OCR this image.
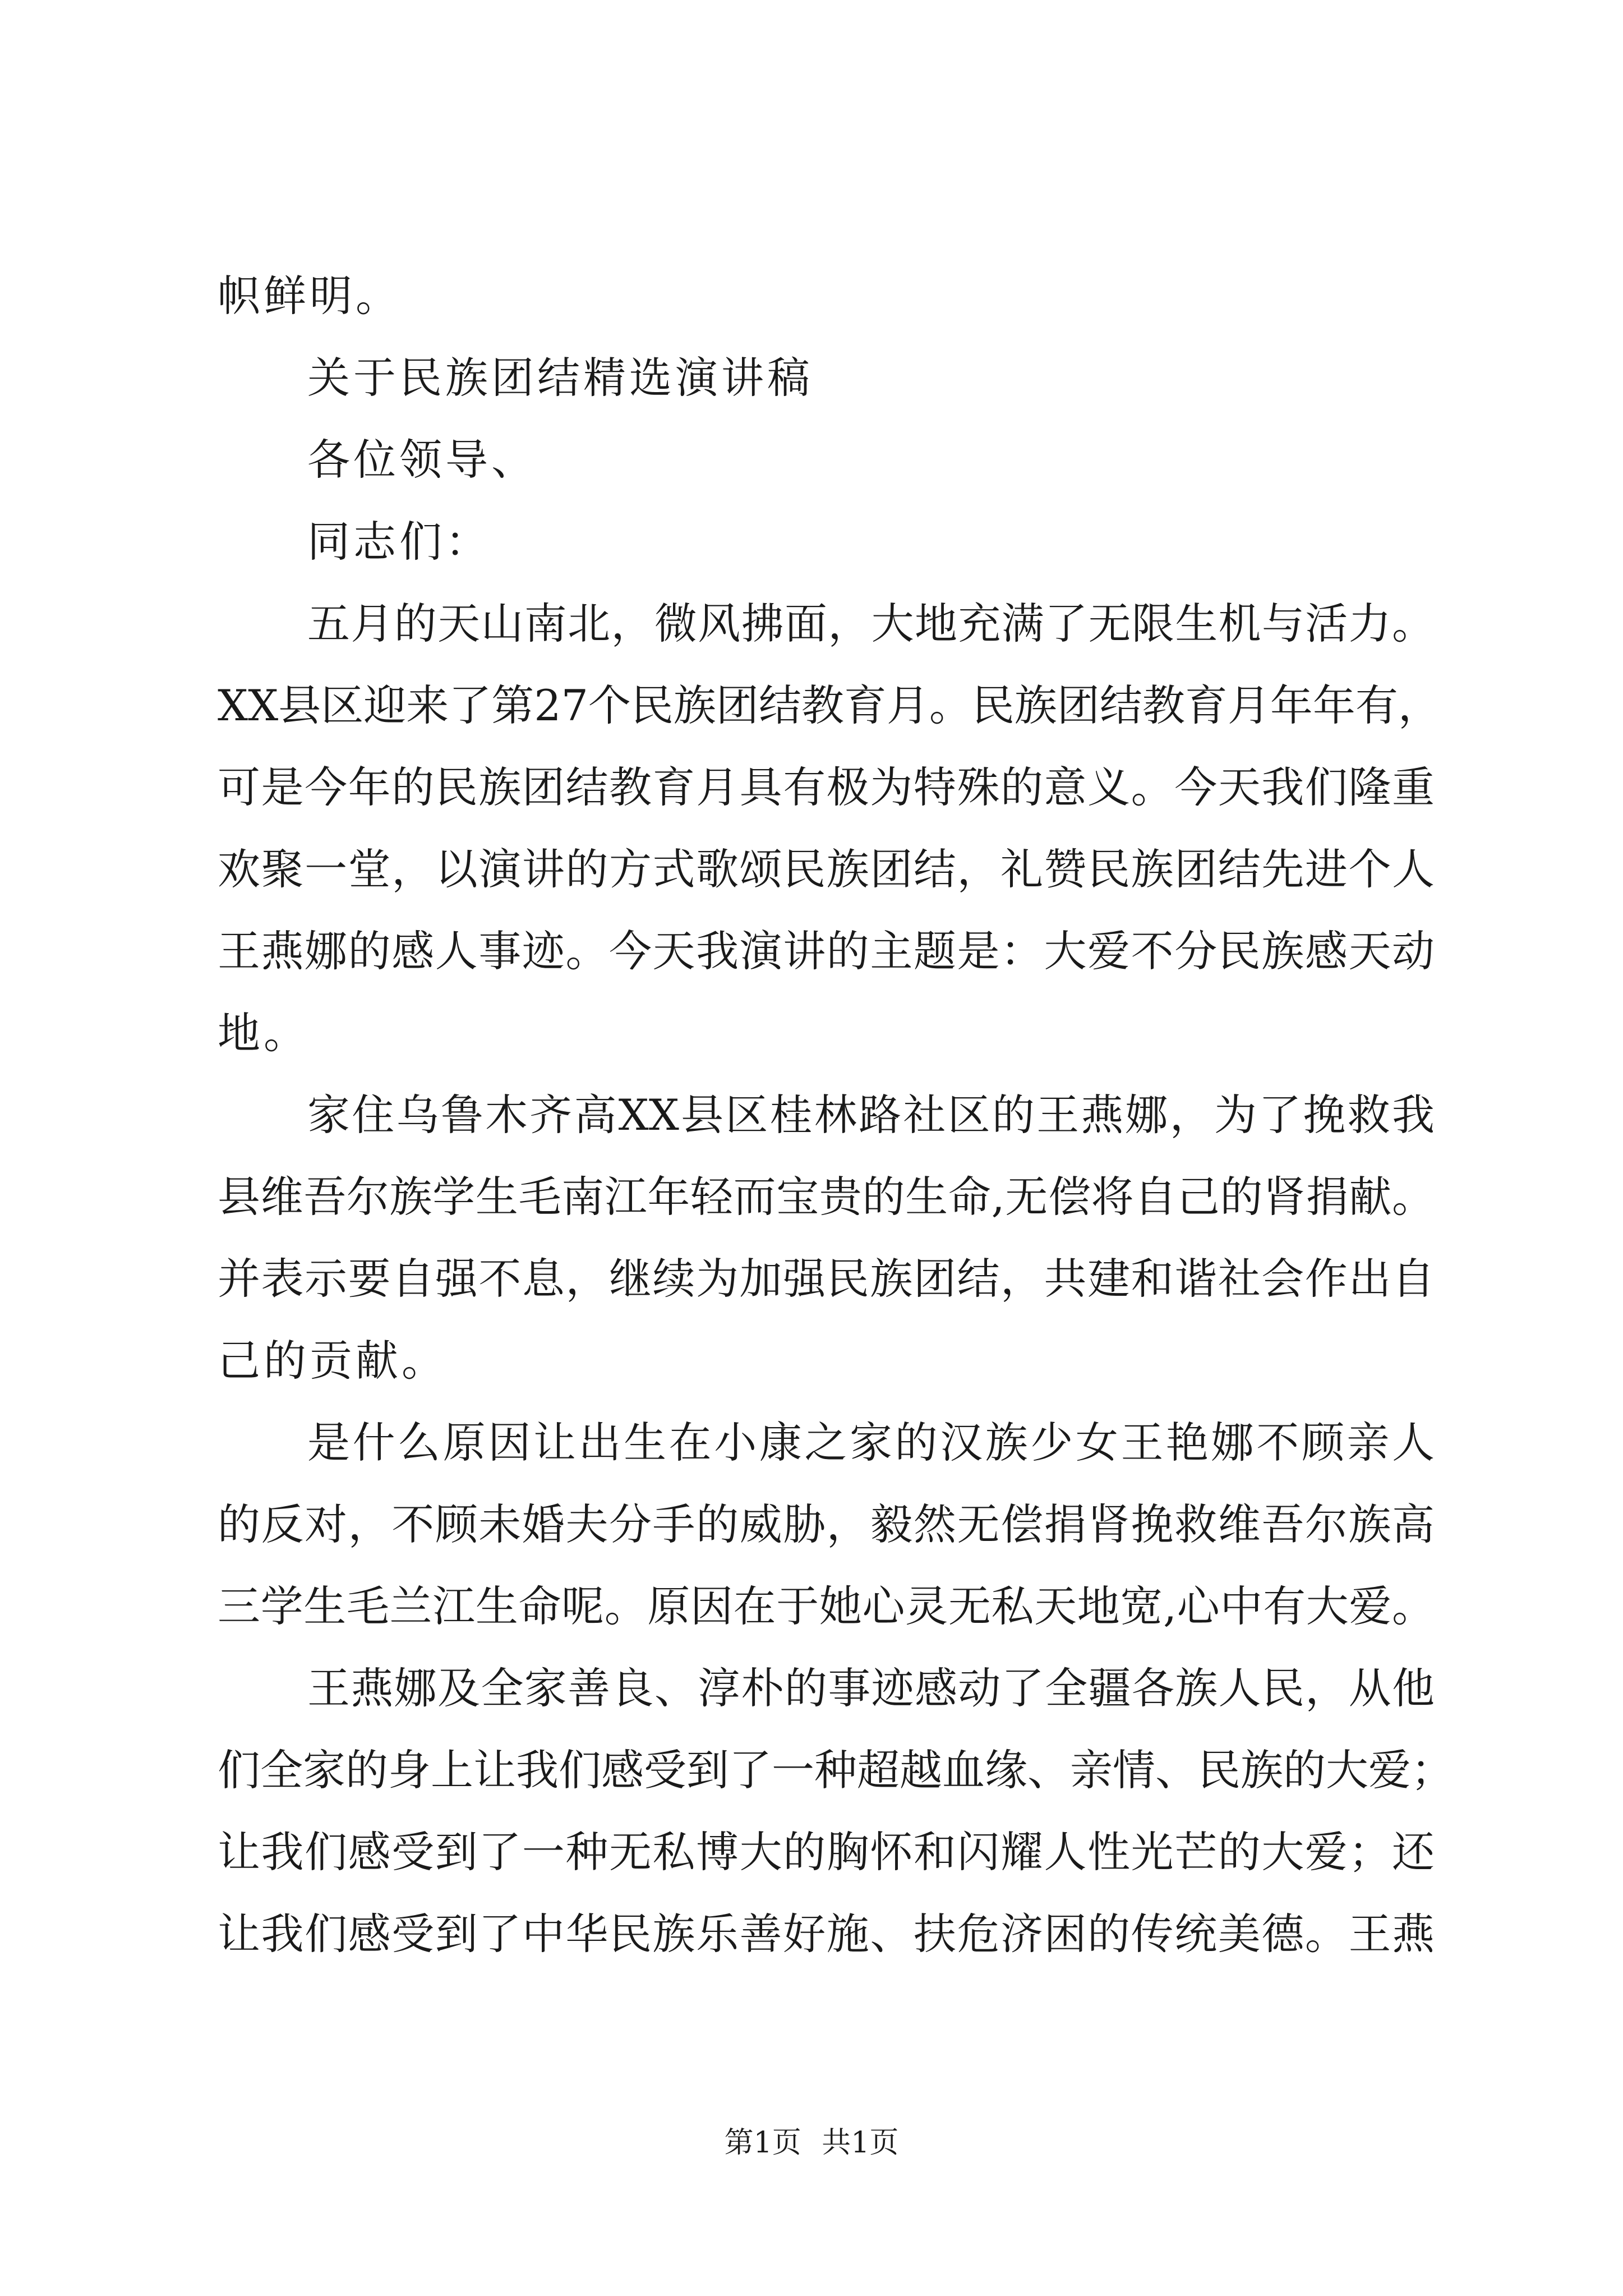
帜鲜明。
关于民族团结精选演讲稿
各位领导、
同志们：
五月的天山南北，微风拂面，大地充满了无限生机与活力。
XX县区迎来了第27个民族团结教育月。民族团结教育月年年有，
可是今年的民族团结教育月具有极为特殊的意义。今天我们隆重
欢聚一堂，以演讲的方式歌颂民族团结，礼赞民族团结先进个人
王燕娜的感人事迹。今天我演讲的主题是：大爱不分民族感天动
地。
家住乌鲁木齐高XX县区桂林路社区的王燕娜，为了挽救我
县维吾尔族学生毛南江年轻而宝贵的生命,无偿将自己的肾捐献。
并表示要自强不息，继续为加强民族团结，共建和谐社会作出自
己的贡献。
是什么原因让出生在小康之家的汉族少女王艳娜不顾亲人
的反对，不顾未婚夫分手的威胁，毅然无偿捐肾挽救维吾尔族高
三学生毛兰江生命呢。原因在于她心灵无私天地宽,心中有大爱。
王燕娜及全家善良、淳朴的事迹感动了全疆各族人民，从他
们全家的身上让我们感受到了一种超越血缘、亲情、民族的大爱；
让我们感受到了一种无私博大的胸怀和闪耀人性光芒的大爱；还
让我们感受到了中华民族乐善好施、扶危济困的传统美德。王燕
第1页 共1页
